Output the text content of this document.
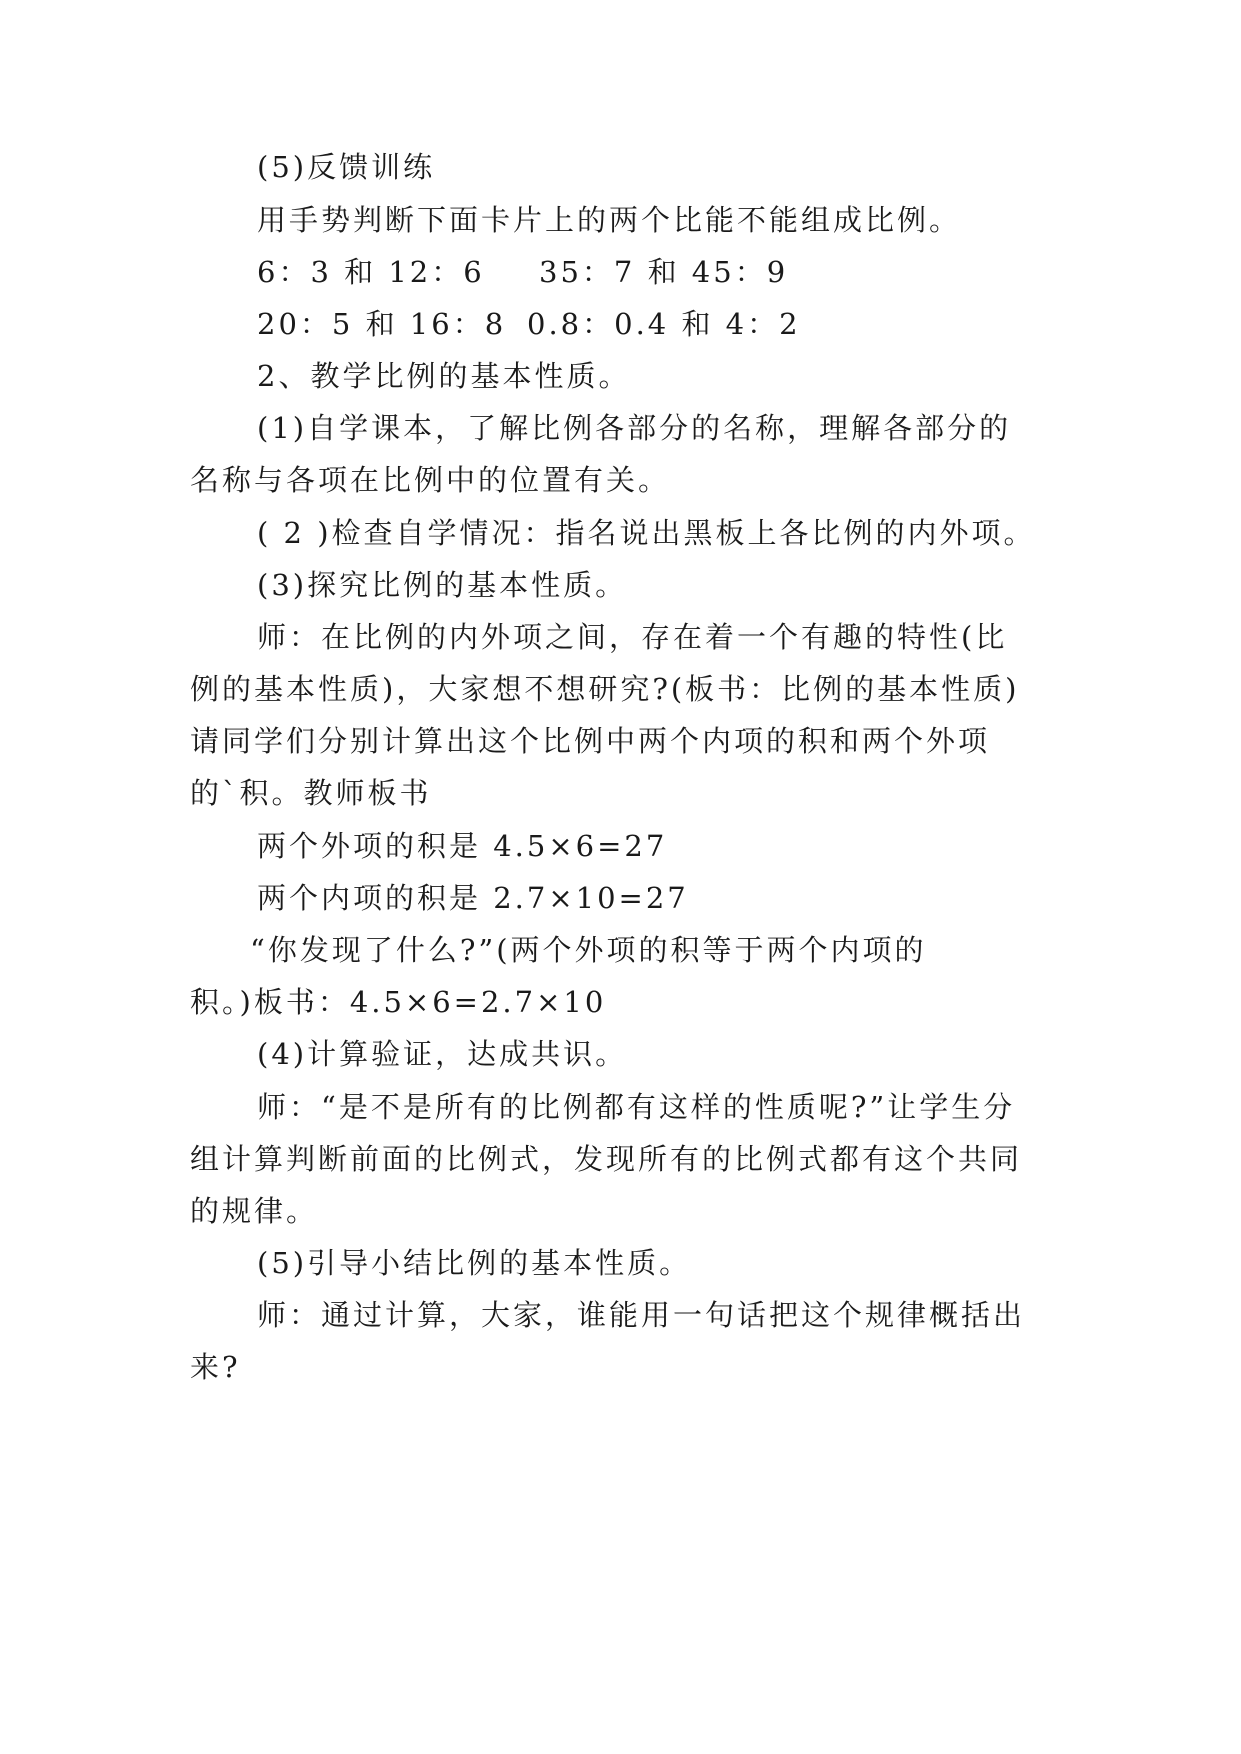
(5)反馈训练
用手势判断下面卡片上的两个比能不能组成比例。
6：3 和 12：6 35：7 和 45：9
20：5 和 16：8 0.8：0.4 和 4：2
2、教学比例的基本性质。
(1)自学课本，了解比例各部分的名称，理解各部分的
名称与各项在比例中的位置有关。
( 2 )检查自学情况：指名说出黑板上各比例的内外项。
(3)探究比例的基本性质。
师：在比例的内外项之间，存在着一个有趣的特性(比
例的基本性质)，大家想不想研究?(板书：比例的基本性质)
请同学们分别计算出这个比例中两个内项的积和两个外项
的`积。教师板书
两个外项的积是 4.5×6=27
两个内项的积是 2.7×10=27
“你发现了什么?”(两个外项的积等于两个内项的
积。)板书：4.5×6=2.7×10
(4)计算验证，达成共识。
师：“是不是所有的比例都有这样的性质呢?”让学生分
组计算判断前面的比例式，发现所有的比例式都有这个共同
的规律。
(5)引导小结比例的基本性质。
师：通过计算，大家，谁能用一句话把这个规律概括出
来?
